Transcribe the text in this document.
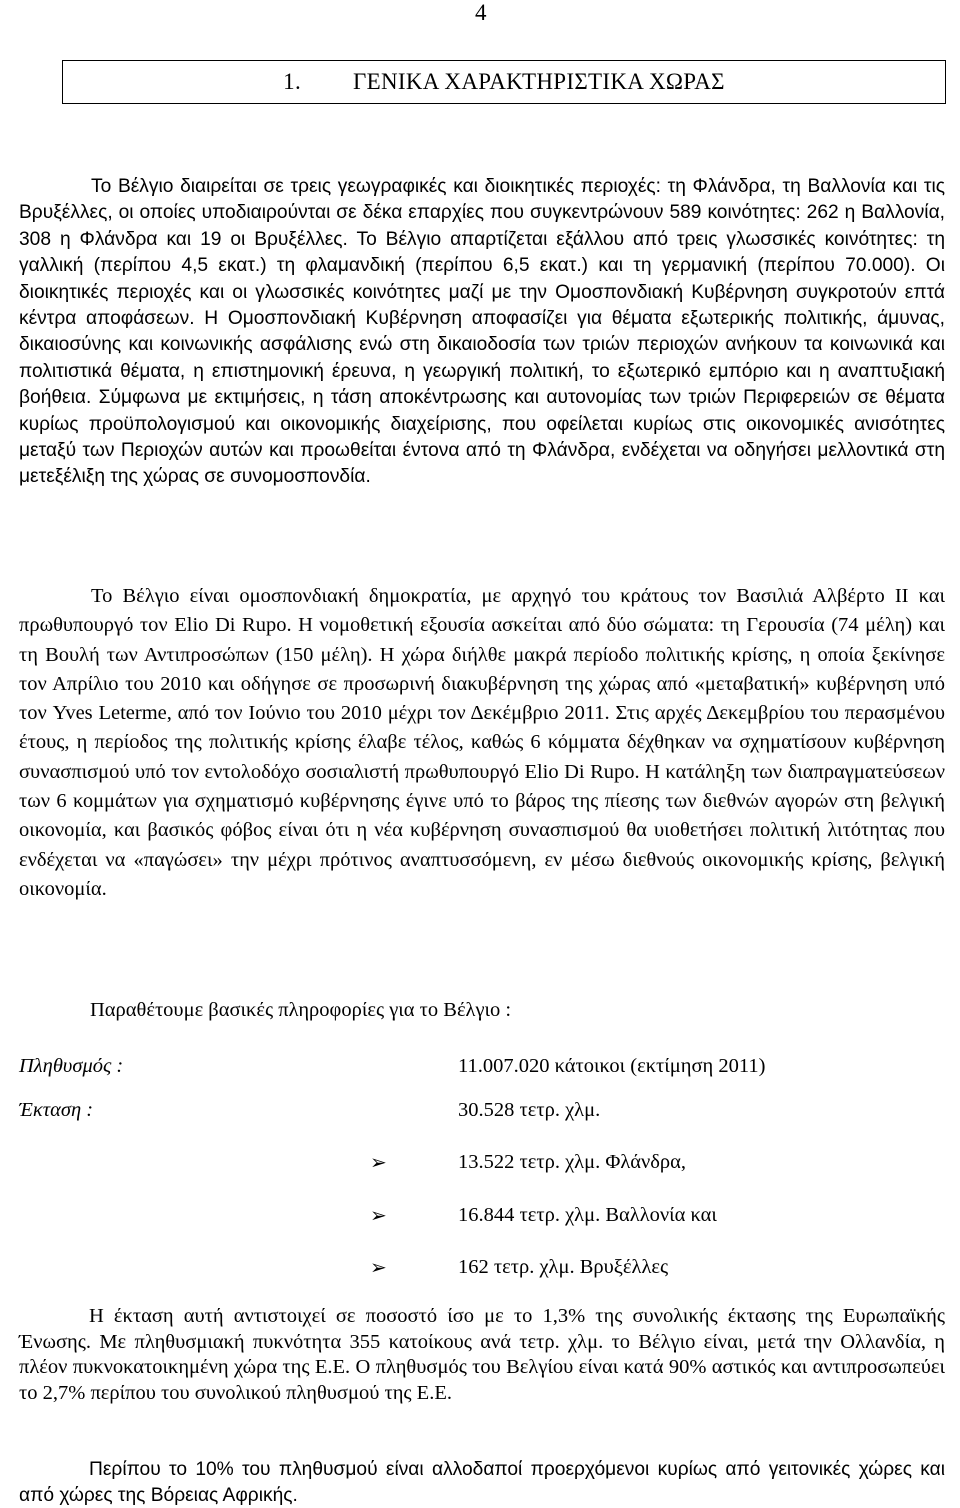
4
1. ΓΕΝΙΚΑ ΧΑΡΑΚΤΗΡΙΣΤΙΚΑ ΧΩΡΑΣ
Το Βέλγιο διαιρείται σε τρεις γεωγραφικές και διοικητικές περιοχές: τη Φλάνδρα, τη Βαλλονία και τις Βρυξέλλες, οι οποίες υποδιαιρούνται σε δέκα επαρχίες που συγκεντρώνουν 589 κοινότητες: 262 η Βαλλονία, 308 η Φλάνδρα και 19 οι Βρυξέλλες. Το Βέλγιο απαρτίζεται εξάλλου από τρεις γλωσσικές κοινότητες: τη γαλλική (περίπου 4,5 εκατ.) τη φλαμανδική (περίπου 6,5 εκατ.) και τη γερμανική (περίπου 70.000). Οι διοικητικές περιοχές και οι γλωσσικές κοινότητες μαζί με την Ομοσπονδιακή Κυβέρνηση συγκροτούν επτά κέντρα αποφάσεων. Η Ομοσπονδιακή Κυβέρνηση αποφασίζει για θέματα εξωτερικής πολιτικής, άμυνας, δικαιοσύνης και κοινωνικής ασφάλισης ενώ στη δικαιοδοσία των τριών περιοχών ανήκουν τα κοινωνικά και πολιτιστικά θέματα, η επιστημονική έρευνα, η γεωργική πολιτική, το εξωτερικό εμπόριο και η αναπτυξιακή βοήθεια. Σύμφωνα με εκτιμήσεις, η τάση αποκέντρωσης και αυτονομίας των τριών Περιφερειών σε θέματα κυρίως προϋπολογισμού και οικονομικής διαχείρισης, που οφείλεται κυρίως στις οικονομικές ανισότητες μεταξύ των Περιοχών αυτών και προωθείται έντονα από τη Φλάνδρα, ενδέχεται να οδηγήσει μελλοντικά στη μετεξέλιξη της χώρας σε συνομοσπονδία.
Το Βέλγιο είναι ομοσπονδιακή δημοκρατία, με αρχηγό του κράτους τον Βασιλιά Αλβέρτο ΙΙ και πρωθυπουργό τον Elio Di Rupo. Η νομοθετική εξουσία ασκείται από δύο σώματα: τη Γερουσία (74 μέλη) και τη Βουλή των Αντιπροσώπων (150 μέλη). Η χώρα διήλθε μακρά περίοδο πολιτικής κρίσης, η οποία ξεκίνησε τον Απρίλιο του 2010 και οδήγησε σε προσωρινή διακυβέρνηση της χώρας από «μεταβατική» κυβέρνηση υπό τον Yves Leterme, από τον Ιούνιο του 2010 μέχρι τον Δεκέμβριο 2011. Στις αρχές Δεκεμβρίου του περασμένου έτους, η περίοδος της πολιτικής κρίσης έλαβε τέλος, καθώς 6 κόμματα δέχθηκαν να σχηματίσουν κυβέρνηση συνασπισμού υπό τον εντολοδόχο σοσιαλιστή πρωθυπουργό Elio Di Rupo. Η κατάληξη των διαπραγματεύσεων των 6 κομμάτων για σχηματισμό κυβέρνησης έγινε υπό το βάρος της πίεσης των διεθνών αγορών στη βελγική οικονομία, και βασικός φόβος είναι ότι η νέα κυβέρνηση συνασπισμού θα υιοθετήσει πολιτική λιτότητας που ενδέχεται να «παγώσει» την μέχρι πρότινος αναπτυσσόμενη, εν μέσω διεθνούς οικονομικής κρίσης, βελγική οικονομία.
Παραθέτουμε βασικές πληροφορίες για το Βέλγιο :
Πληθυσμός :	11.007.020 κάτοικοι (εκτίμηση 2011)
Έκταση :	30.528 τετρ. χλμ.
➢	13.522 τετρ. χλμ. Φλάνδρα,
➢	16.844 τετρ. χλμ. Βαλλονία και
➢	162 τετρ. χλμ. Βρυξέλλες
Η έκταση αυτή αντιστοιχεί σε ποσοστό ίσο με το 1,3% της συνολικής έκτασης της Ευρωπαϊκής Ένωσης. Με πληθυσμιακή πυκνότητα 355 κατοίκους ανά τετρ. χλμ. το Βέλγιο είναι, μετά την Ολλανδία, η πλέον πυκνοκατοικημένη χώρα της Ε.Ε. Ο πληθυσμός του Βελγίου είναι κατά 90% αστικός και αντιπροσωπεύει το 2,7% περίπου του συνολικού πληθυσμού της Ε.Ε.
Περίπου το 10% του πληθυσμού είναι αλλοδαποί προερχόμενοι κυρίως από γειτονικές χώρες και από χώρες της Βόρειας Αφρικής.
